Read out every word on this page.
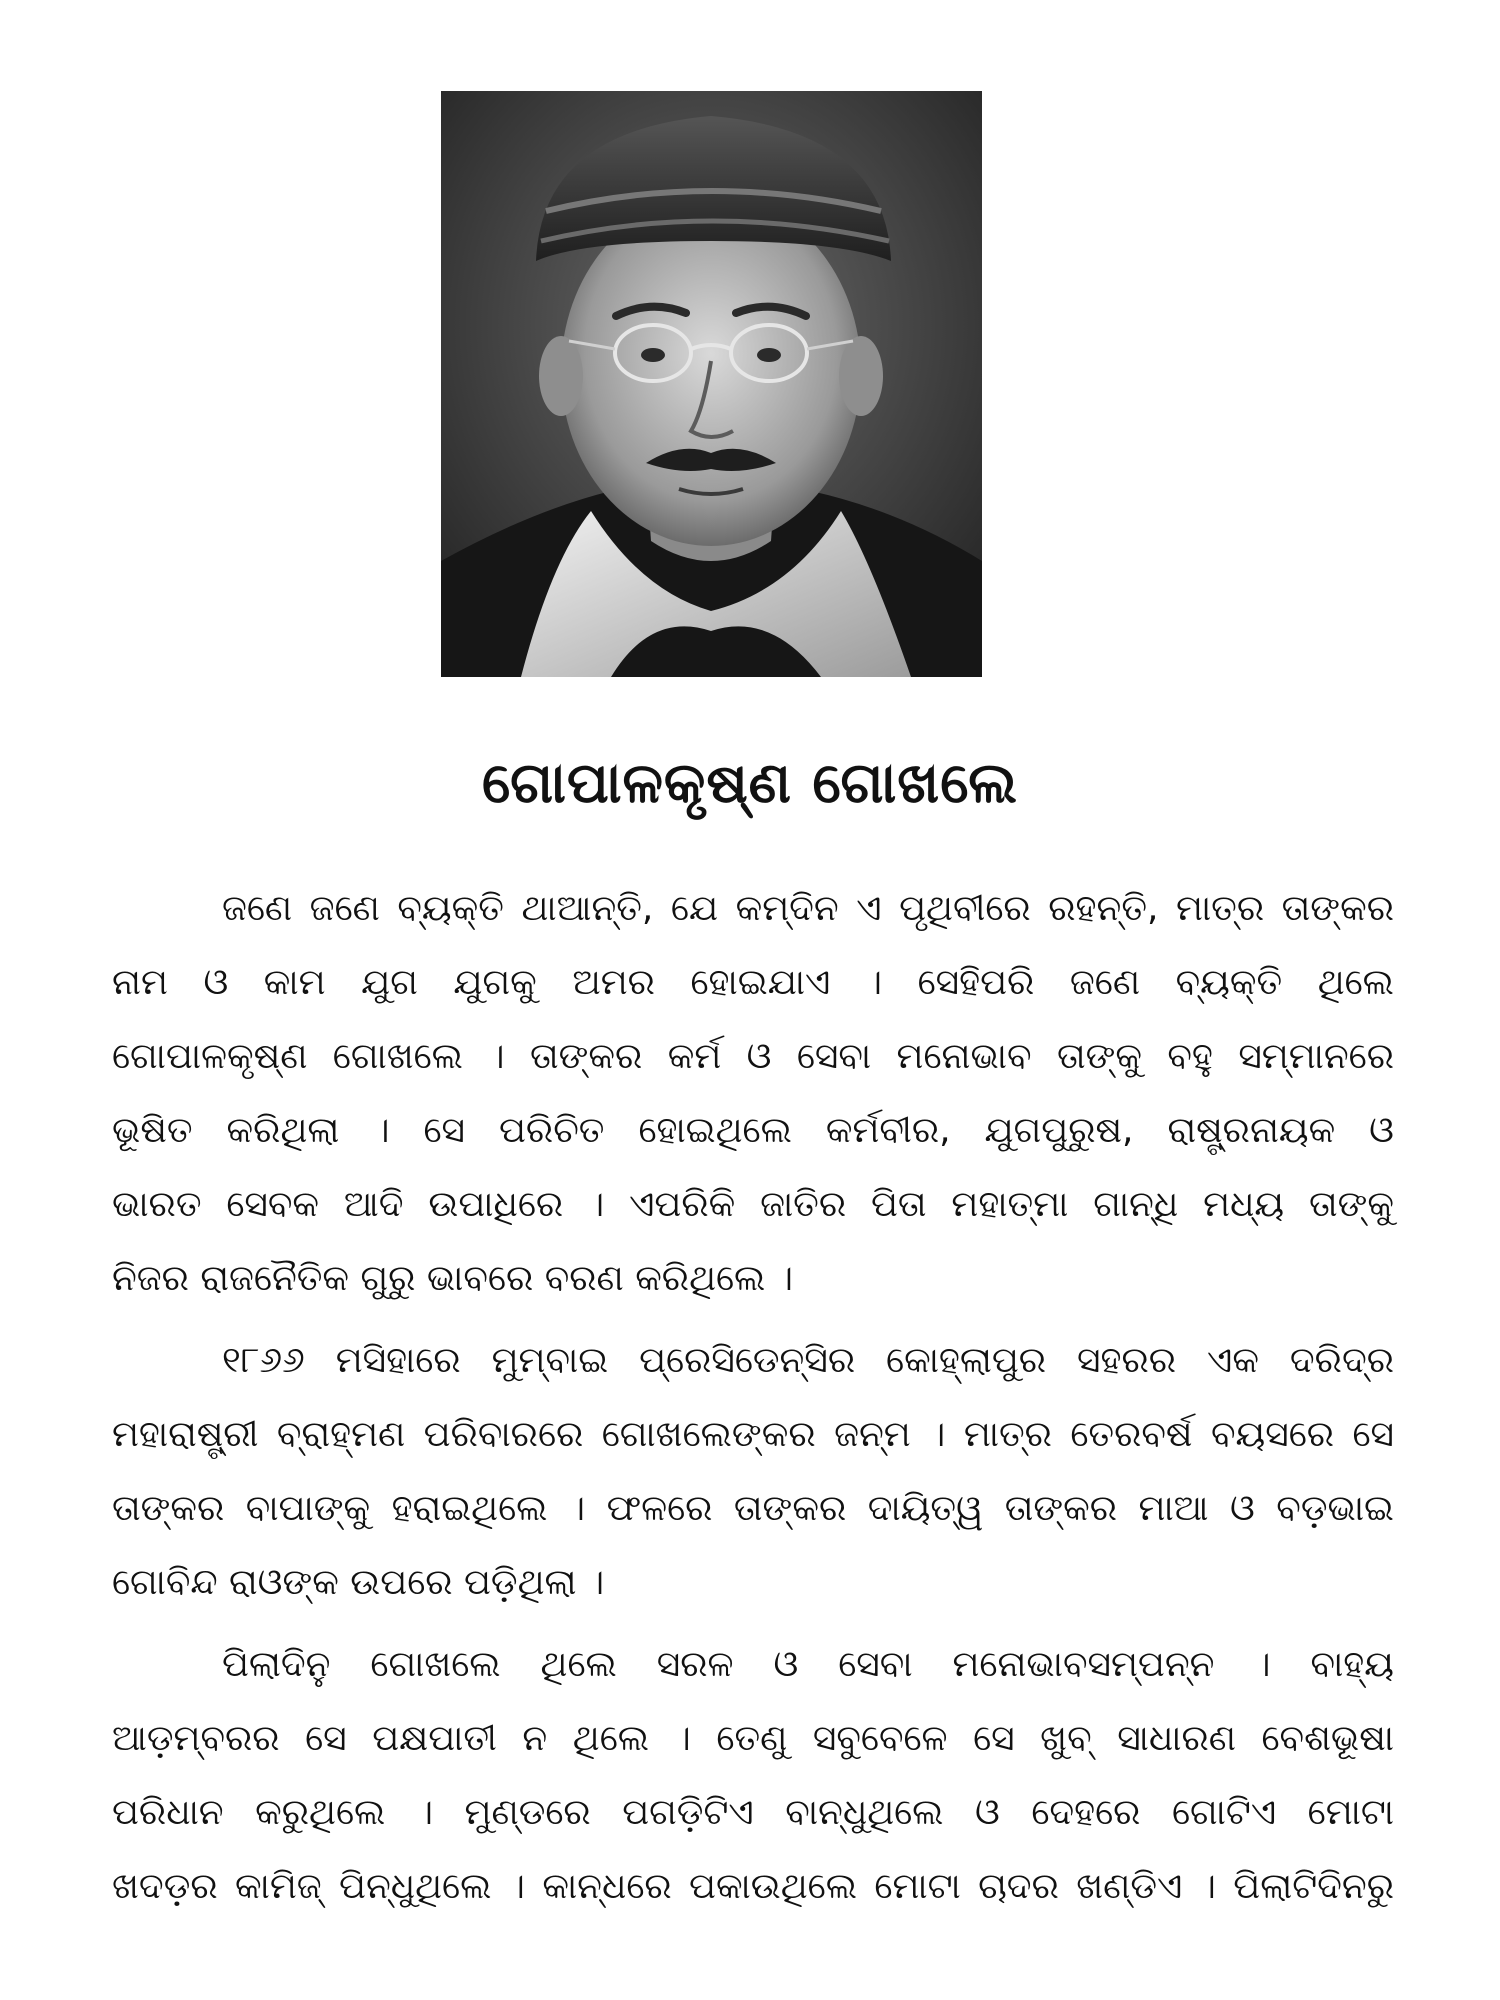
ଗୋପାଳକୃଷ୍ଣ ଗୋଖଲେ
ଜଣେ ଜଣେ ବ୍ୟକ୍ତି ଥାଆନ୍ତି, ଯେ କମ୍‌ଦିନ ଏ ପୃଥିବୀରେ ରହନ୍ତି, ମାତ୍ର ତାଙ୍କର
ନାମ ଓ କାମ ଯୁଗ ଯୁଗକୁ ଅମର ହୋଇଯାଏ । ସେହିପରି ଜଣେ ବ୍ୟକ୍ତି ଥିଲେ
ଗୋପାଳକୃଷ୍ଣ ଗୋଖଲେ । ତାଙ୍କର କର୍ମ ଓ ସେବା ମନୋଭାବ ତାଙ୍କୁ ବହୁ ସମ୍ମାନରେ
ଭୂଷିତ କରିଥିଲା । ସେ ପରିଚିତ ହୋଇଥିଲେ କର୍ମବୀର, ଯୁଗପୁରୁଷ, ରାଷ୍ଟ୍ରନାୟକ ଓ
ଭାରତ ସେବକ ଆଦି ଉପାଧିରେ । ଏପରିକି ଜାତିର ପିତା ମହାତ୍ମା ଗାନ୍ଧି ମଧ୍ୟ ତାଙ୍କୁ
ନିଜର ରାଜନୈତିକ ଗୁରୁ ଭାବରେ ବରଣ କରିଥିଲେ ।
୧୮୬୬ ମସିହାରେ ମୁମ୍ବାଇ ପ୍ରେସିଡେନ୍‌ସିର କୋହ୍ଲାପୁର ସହରର ଏକ ଦରିଦ୍ର
ମହାରାଷ୍ଟ୍ରୀ ବ୍ରାହ୍ମଣ ପରିବାରରେ ଗୋଖଲେଙ୍କର ଜନ୍ମ । ମାତ୍ର ତେରବର୍ଷ ବୟସରେ ସେ
ତାଙ୍କର ବାପାଙ୍କୁ ହରାଇଥିଲେ । ଫଳରେ ତାଙ୍କର ଦାୟିତ୍ୱ ତାଙ୍କର ମାଆ ଓ ବଡ଼ଭାଇ
ଗୋବିନ୍ଦ ରାଓଙ୍କ ଉପରେ ପଡ଼ିଥିଲା ।
ପିଲାଦିନୁ ଗୋଖଲେ ଥିଲେ ସରଳ ଓ ସେବା ମନୋଭାବସମ୍ପନ୍ନ । ବାହ୍ୟ
ଆଡ଼ମ୍ବରର ସେ ପକ୍ଷପାତୀ ନ ଥିଲେ । ତେଣୁ ସବୁବେଳେ ସେ ଖୁବ୍ ସାଧାରଣ ବେଶଭୂଷା
ପରିଧାନ କରୁଥିଲେ । ମୁଣ୍ଡରେ ପଗଡ଼ିଟିଏ ବାନ୍ଧୁଥିଲେ ଓ ଦେହରେ ଗୋଟିଏ ମୋଟା
ଖଦଡ଼ର କାମିଜ୍ ପିନ୍ଧୁଥିଲେ । କାନ୍ଧରେ ପକାଉଥିଲେ ମୋଟା ଚାଦର ଖଣ୍ଡିଏ । ପିଲାଟିଦିନରୁ
